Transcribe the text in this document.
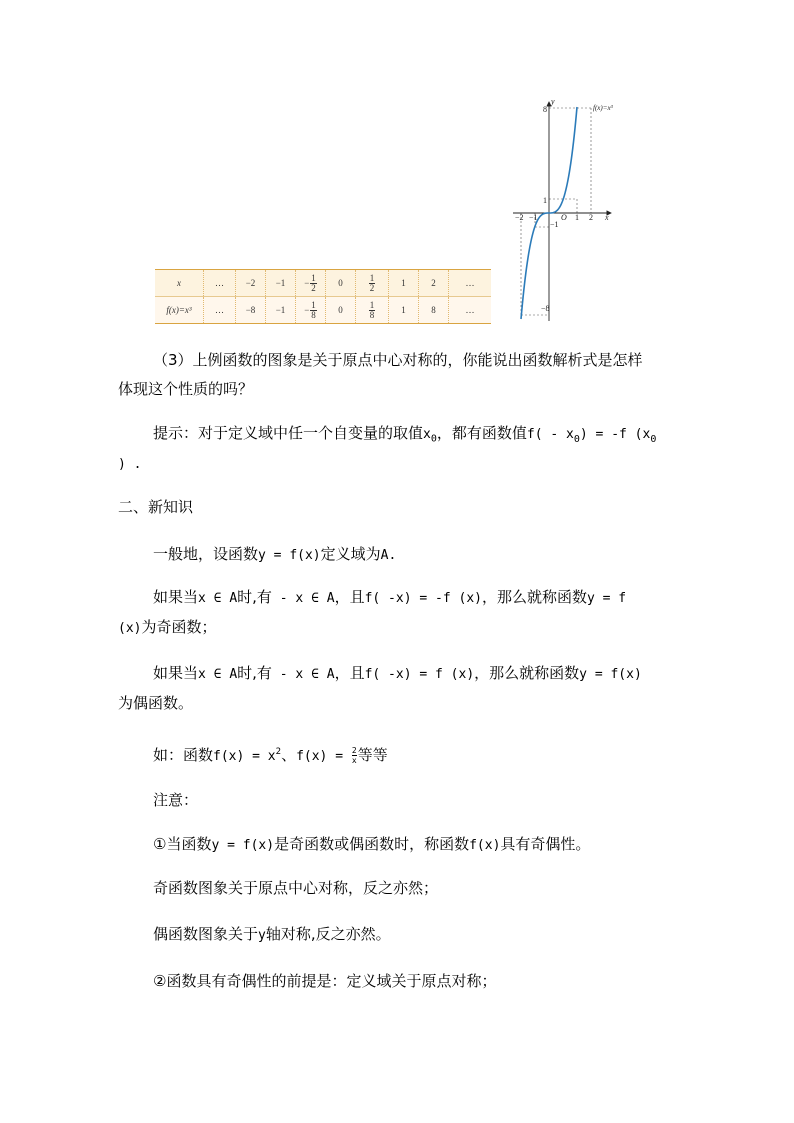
x	…	−2	−1	− $\frac{1}{2}$	0	$\frac{1}{2}$	1	2	…
f(x)=x³	…	−8	−1	− $\frac{1}{8}$	0	$\frac{1}{8}$	1	8	…
y
x
O
f(x)=x³
−2 −1	1 2
8
1
−1
−8
（3）上例函数的图象是关于原点中心对称的，你能说出函数解析式是怎样
体现这个性质的吗？
提示：对于定义域中任一个自变量的取值$x_0$，都有函数值$f( - x_0) = -f$ ($x_0$
) .
二、新知识
一般地，设函数y = f(x)定义域为A.
如果当x ∈ A时,有 - x ∈ A，且f( -x) = -f (x)，那么就称函数y = f
(x)为奇函数；
如果当x ∈ A时,有 - x ∈ A，且f( -x) = f (x)，那么就称函数y = f(x)
为偶函数。
如：函数$f(x) = x^2$、$f(x) = \frac{2}{x}$ 等等
注意：
①当函数y = f(x)是奇函数或偶函数时，称函数f(x)具有奇偶性。
奇函数图象关于原点中心对称，反之亦然；
偶函数图象关于y轴对称,反之亦然。
②函数具有奇偶性的前提是：定义域关于原点对称；
